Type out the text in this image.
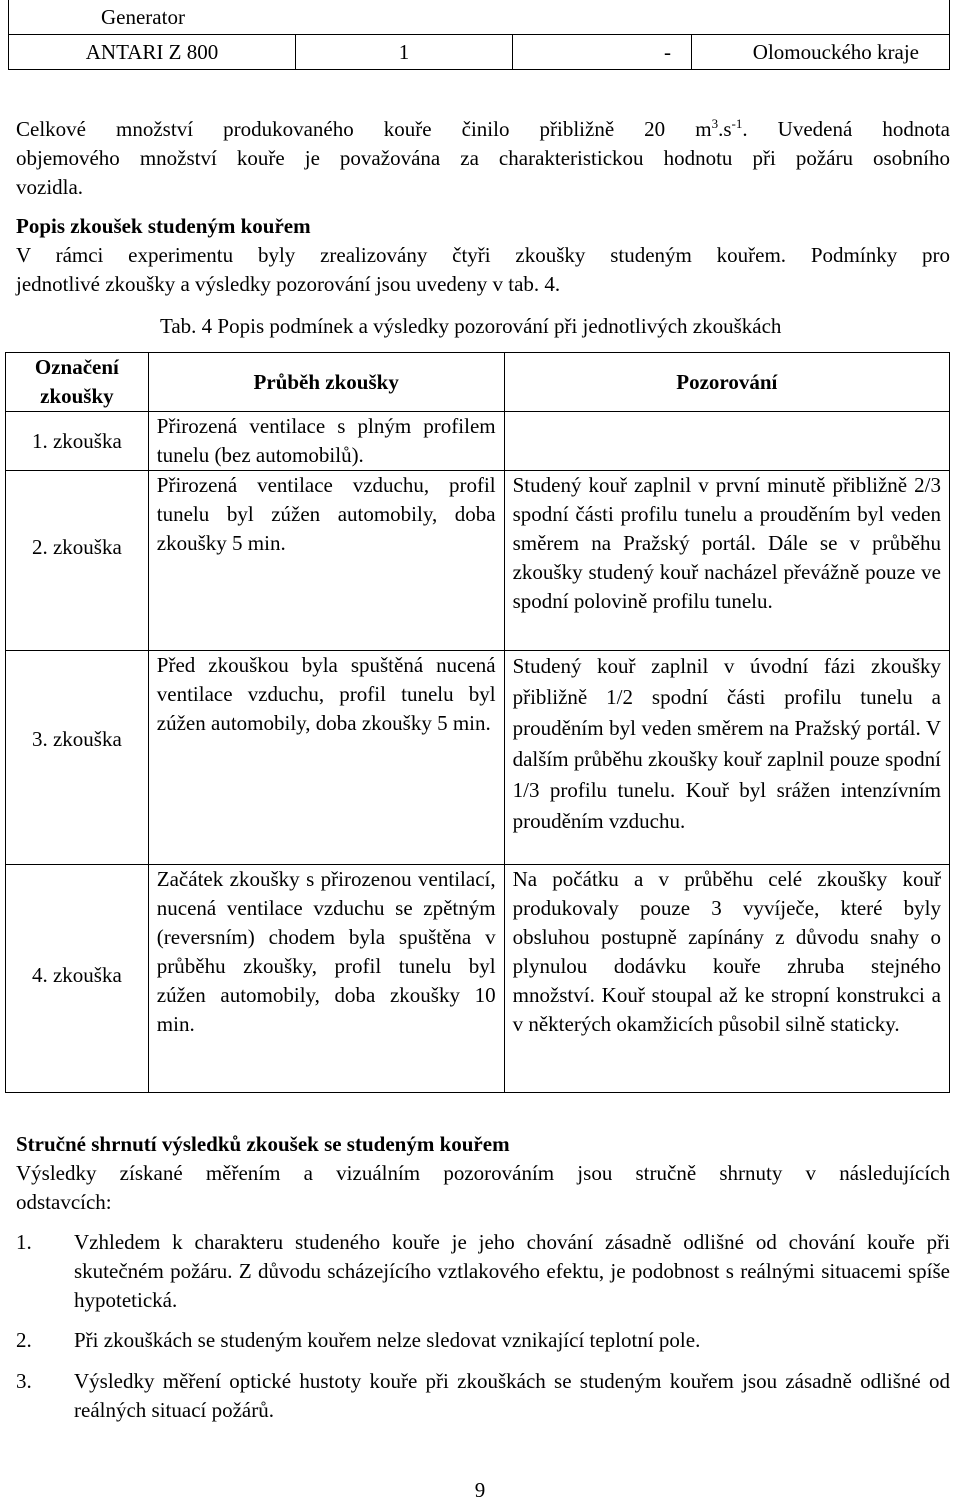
Generator
ANTARI Z 800	1	-	Olomouckého kraje
Celkové množství produkovaného kouře činilo přibližně 20 $m^3.s^{-1}$. Uvedená hodnota
objemového množství kouře je považována za charakteristickou hodnotu při požáru osobního
vozidla.
Popis zkoušek studeným kouřem
V rámci experimentu byly zrealizovány čtyři zkoušky studeným kouřem. Podmínky pro
jednotlivé zkoušky a výsledky pozorování jsou uvedeny v tab. 4.
Tab. 4 Popis podmínek a výsledky pozorování při jednotlivých zkouškách
Označení zkoušky	Průběh zkoušky	Pozorování
1. zkouška	Přirozená ventilace s plným profilem tunelu (bez automobilů).	
2. zkouška	Přirozená ventilace vzduchu, profil tunelu byl zúžen automobily, doba zkoušky 5 min.	Studený kouř zaplnil v první minutě přibližně 2/3 spodní části profilu tunelu a prouděním byl veden směrem na Pražský portál. Dále se v průběhu zkoušky studený kouř nacházel převážně pouze ve spodní polovině profilu tunelu.
3. zkouška	Před zkouškou byla spuštěná nucená ventilace vzduchu, profil tunelu byl zúžen automobily, doba zkoušky 5 min.	Studený kouř zaplnil v úvodní fázi zkoušky přibližně 1/2 spodní části profilu tunelu a prouděním byl veden směrem na Pražský portál. V dalším průběhu zkoušky kouř zaplnil pouze spodní 1/3 profilu tunelu. Kouř byl srážen intenzívním prouděním vzduchu.
4. zkouška	Začátek zkoušky s přirozenou ventilací, nucená ventilace vzduchu se zpětným (reversním) chodem byla spuštěna v průběhu zkoušky, profil tunelu byl zúžen automobily, doba zkoušky 10 min.	Na počátku a v průběhu celé zkoušky kouř produkovaly pouze 3 vyvíječe, které byly obsluhou postupně zapínány z důvodu snahy o plynulou dodávku kouře zhruba stejného množství. Kouř stoupal až ke stropní konstrukci a v některých okamžicích působil silně staticky.
Stručné shrnutí výsledků zkoušek se studeným kouřem
Výsledky získané měřením a vizuálním pozorováním jsou stručně shrnuty v následujících
odstavcích:
1. Vzhledem k charakteru studeného kouře je jeho chování zásadně odlišné od chování kouře při skutečném požáru. Z důvodu scházejícího vztlakového efektu, je podobnost s reálnými situacemi spíše hypotetická.
2. Při zkouškách se studeným kouřem nelze sledovat vznikající teplotní pole.
3. Výsledky měření optické hustoty kouře při zkouškách se studeným kouřem jsou zásadně odlišné od reálných situací požárů.
9
